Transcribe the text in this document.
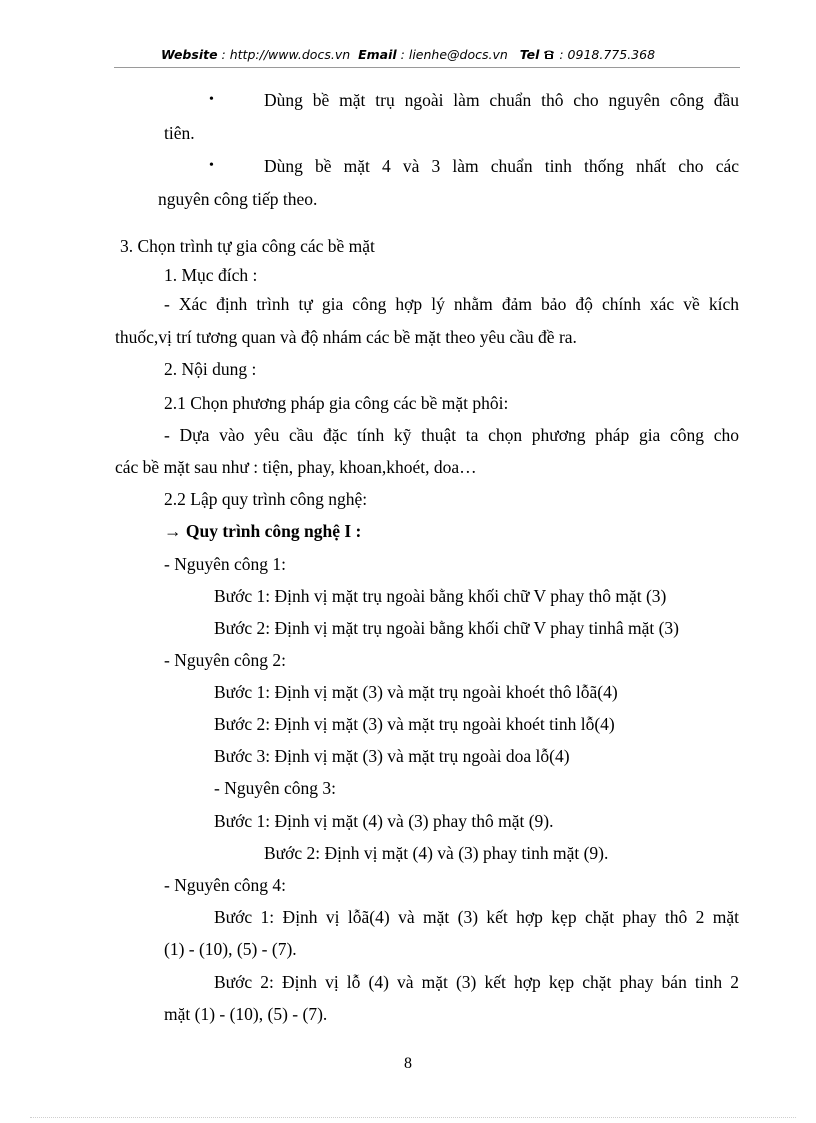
Website : http://www.docs.vn Email : lienhe@docs.vn Tel  : 0918.775.368
•	Dùng bề mặt trụ ngoài làm chuẩn thô cho nguyên công đầu
tiên.
•	Dùng bề mặt 4 và 3 làm chuẩn tinh thống nhất cho các
nguyên công tiếp theo.
3. Chọn trình tự gia công các bề mặt
1. Mục đích :
- Xác định trình tự gia công hợp lý nhằm đảm bảo độ chính xác về kích
thuốc,vị trí tương quan và độ nhám các bề mặt theo yêu cầu đề ra.
2. Nội dung :
2.1 Chọn phương pháp gia công các bề mặt phôi:
- Dựa vào yêu cầu đặc tính kỹ thuật ta chọn phương pháp gia công cho
các bề mặt sau như : tiện, phay, khoan,khoét, doa…
2.2 Lập quy trình công nghệ:
→ Quy trình công nghệ I :
- Nguyên công 1:
Bước 1: Định vị mặt trụ ngoài bằng khối chữ V phay thô mặt (3)
Bước 2: Định vị mặt trụ ngoài bằng khối chữ V phay tinhâ mặt (3)
- Nguyên công 2:
Bước 1: Định vị mặt (3) và mặt trụ ngoài khoét thô lỗã(4)
Bước 2: Định vị mặt (3) và mặt trụ ngoài khoét tinh lỗ(4)
Bước 3: Định vị mặt (3) và mặt trụ ngoài doa lỗ(4)
- Nguyên công 3:
Bước 1: Định vị mặt (4) và (3) phay thô mặt (9).
Bước 2: Định vị mặt (4) và (3) phay tinh mặt (9).
- Nguyên công 4:
Bước 1: Định vị lỗã(4) và mặt (3) kết hợp kẹp chặt phay thô 2 mặt
(1) - (10), (5) - (7).
Bước 2: Định vị lỗ (4) và mặt (3) kết hợp kẹp chặt phay bán tinh 2
mặt (1) - (10), (5) - (7).
8
